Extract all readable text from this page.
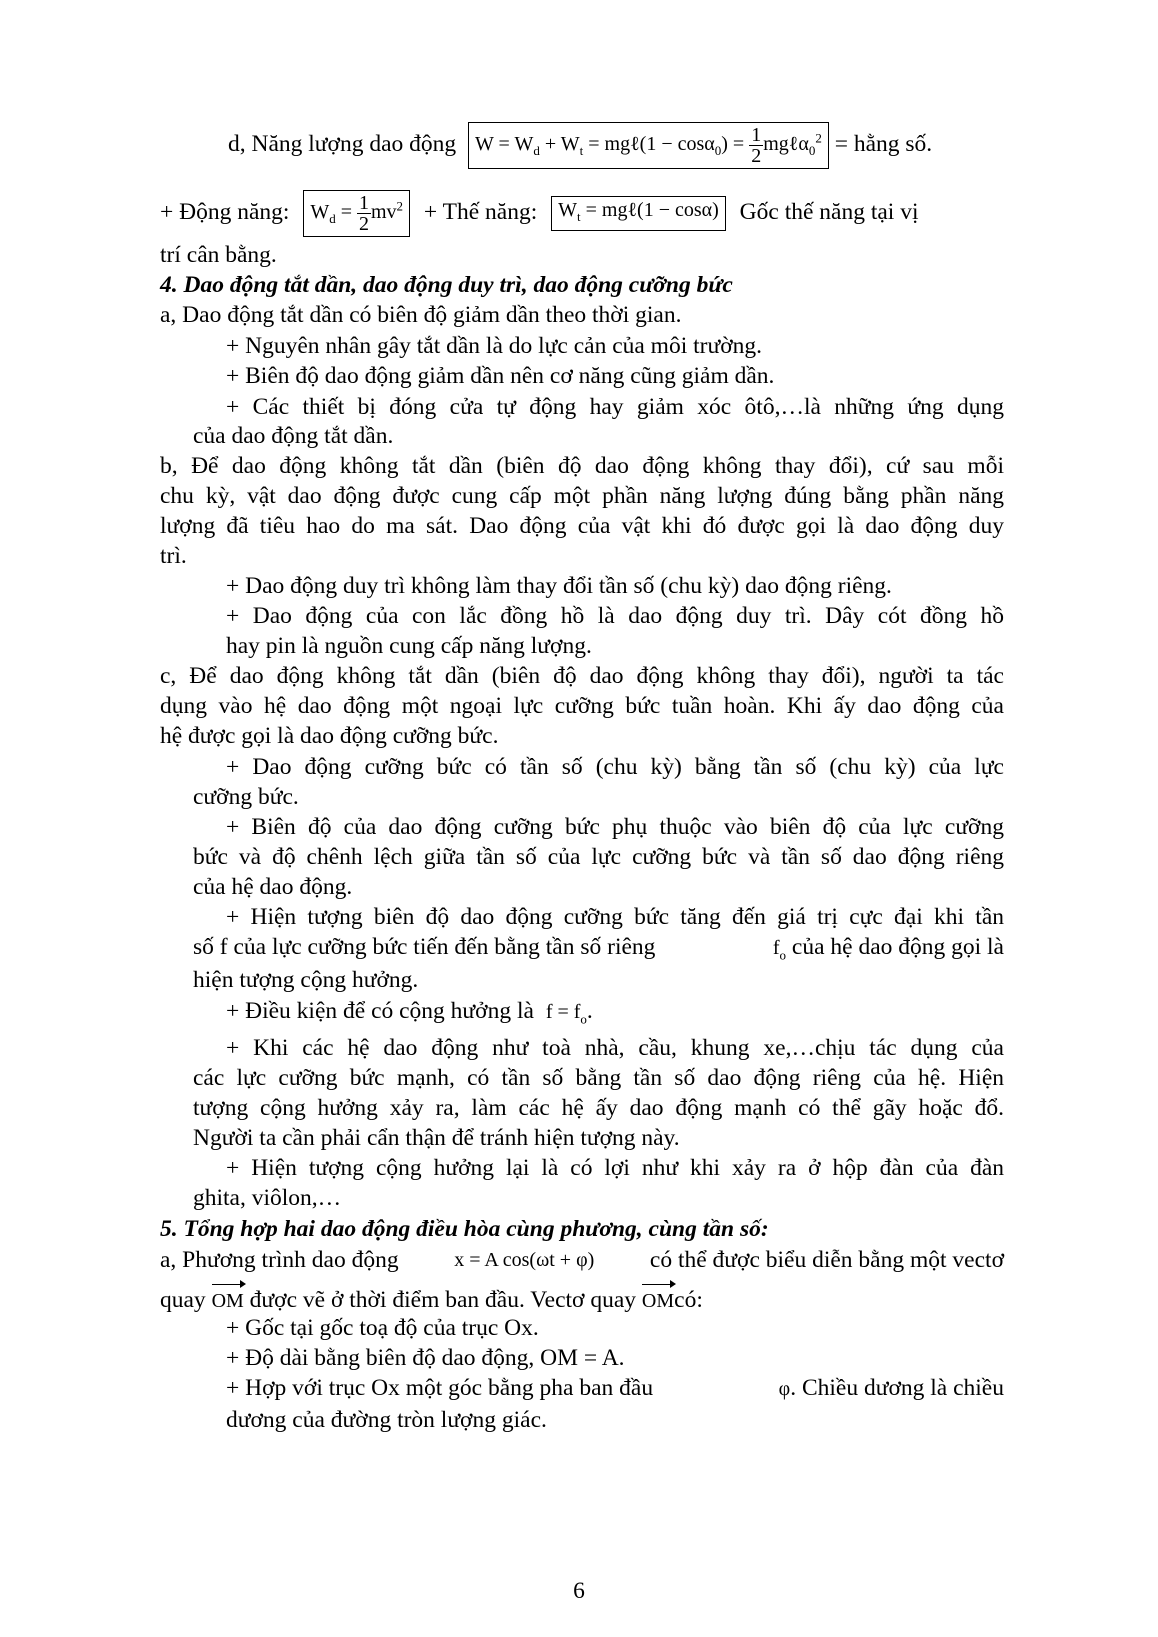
d, Năng lượng dao động $W = W_d + W_t$ = mgℓ(1 − $\cos\alpha_0) = \frac{1}{2}$ mgℓα$_0^2$ = hằng số.
+ Động năng: $W_d = \frac{1}{2} mv^2$ + Thế năng: $W_t$ = mgℓ(1 − cosα) Gốc thế năng tại vị
trí cân bằng.
4. Dao động tắt dần, dao động duy trì, dao động cưỡng bức
a, Dao động tắt dần có biên độ giảm dần theo thời gian.
+ Nguyên nhân gây tắt dần là do lực cản của môi trường.
+ Biên độ dao động giảm dần nên cơ năng cũng giảm dần.
+ Các thiết bị đóng cửa tự động hay giảm xóc ôtô,…là những ứng dụng
của dao động tắt dần.
b, Để dao động không tắt dần (biên độ dao động không thay đổi), cứ sau mỗi
chu kỳ, vật dao động được cung cấp một phần năng lượng đúng bằng phần năng
lượng đã tiêu hao do ma sát. Dao động của vật khi đó được gọi là dao động duy
trì.
+ Dao động duy trì không làm thay đổi tần số (chu kỳ) dao động riêng.
+ Dao động của con lắc đồng hồ là dao động duy trì. Dây cót đồng hồ
hay pin là nguồn cung cấp năng lượng.
c, Để dao động không tắt dần (biên độ dao động không thay đổi), người ta tác
dụng vào hệ dao động một ngoại lực cưỡng bức tuần hoàn. Khi ấy dao động của
hệ được gọi là dao động cưỡng bức.
+ Dao động cưỡng bức có tần số (chu kỳ) bằng tần số (chu kỳ) của lực
cưỡng bức.
+ Biên độ của dao động cưỡng bức phụ thuộc vào biên độ của lực cưỡng
bức và độ chênh lệch giữa tần số của lực cưỡng bức và tần số dao động riêng
của hệ dao động.
+ Hiện tượng biên độ dao động cưỡng bức tăng đến giá trị cực đại khi tần
số f của lực cưỡng bức tiến đến bằng tần số riêng	$f_o$ của hệ dao động gọi là
hiện tượng cộng hưởng.
+ Điều kiện để có cộng hưởng là $f = f_o$.
+ Khi các hệ dao động như toà nhà, cầu, khung xe,…chịu tác dụng của
các lực cưỡng bức mạnh, có tần số bằng tần số dao động riêng của hệ. Hiện
tượng cộng hưởng xảy ra, làm các hệ ấy dao động mạnh có thể gãy hoặc đổ.
Người ta cần phải cẩn thận để tránh hiện tượng này.
+ Hiện tượng cộng hưởng lại là có lợi như khi xảy ra ở hộp đàn của đàn
ghita, viôlon,…
5. Tổng hợp hai dao động điều hòa cùng phương, cùng tần số:
a, Phương trình dao động	x = A cos(ωt + φ) có thể được biểu diễn bằng một vectơ
quay OM được vẽ ở thời điểm ban đầu. Vectơ quay OMcó:
+ Gốc tại gốc toạ độ của trục Ox.
+ Độ dài bằng biên độ dao động, OM = A.
+ Hợp với trục Ox một góc bằng pha ban đầu	φ. Chiều dương là chiều
dương của đường tròn lượng giác.
6
